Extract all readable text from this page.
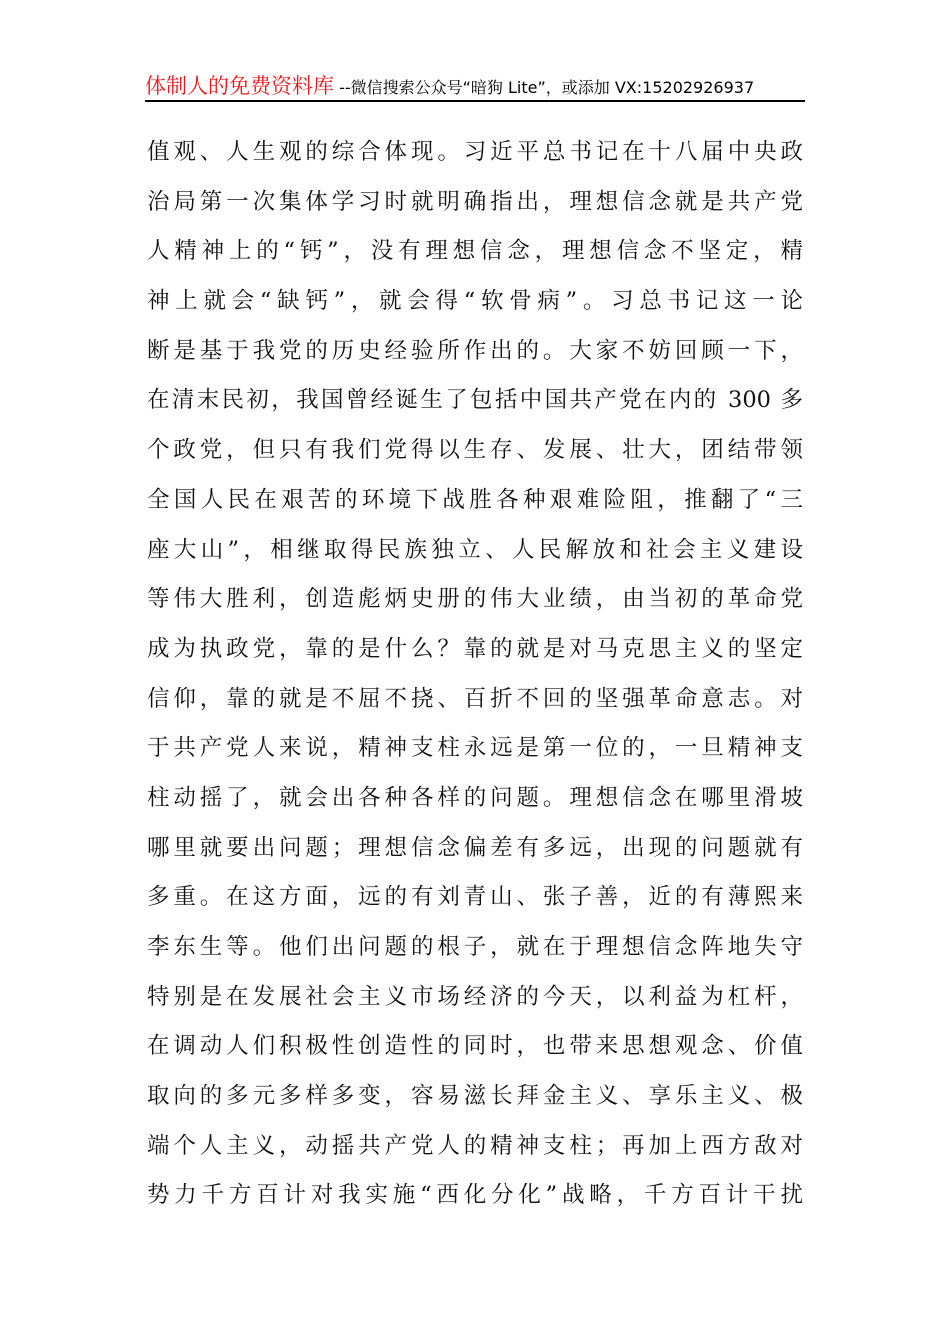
体制人的免费资料库 --微信搜索公众号“暗狗 Lite”，或添加 VX:15202926937
值观、人生观的综合体现。习近平总书记在十八届中央政
治局第一次集体学习时就明确指出，理想信念就是共产党
人精神上的“钙”，没有理想信念，理想信念不坚定，精
神上就会“缺钙”，就会得“软骨病”。习总书记这一论
断是基于我党的历史经验所作出的。大家不妨回顾一下，
在清末民初，我国曾经诞生了包括中国共产党在内的 300 多
个政党，但只有我们党得以生存、发展、壮大，团结带领
全国人民在艰苦的环境下战胜各种艰难险阻，推翻了“三
座大山”，相继取得民族独立、人民解放和社会主义建设
等伟大胜利，创造彪炳史册的伟大业绩，由当初的革命党
成为执政党，靠的是什么？靠的就是对马克思主义的坚定
信仰，靠的就是不屈不挠、百折不回的坚强革命意志。对
于共产党人来说，精神支柱永远是第一位的，一旦精神支
柱动摇了，就会出各种各样的问题。理想信念在哪里滑坡
哪里就要出问题；理想信念偏差有多远，出现的问题就有
多重。在这方面，远的有刘青山、张子善，近的有薄熙来
李东生等。他们出问题的根子，就在于理想信念阵地失守
特别是在发展社会主义市场经济的今天，以利益为杠杆，
在调动人们积极性创造性的同时，也带来思想观念、价值
取向的多元多样多变，容易滋长拜金主义、享乐主义、极
端个人主义，动摇共产党人的精神支柱；再加上西方敌对
势力千方百计对我实施“西化分化”战略，千方百计干扰
